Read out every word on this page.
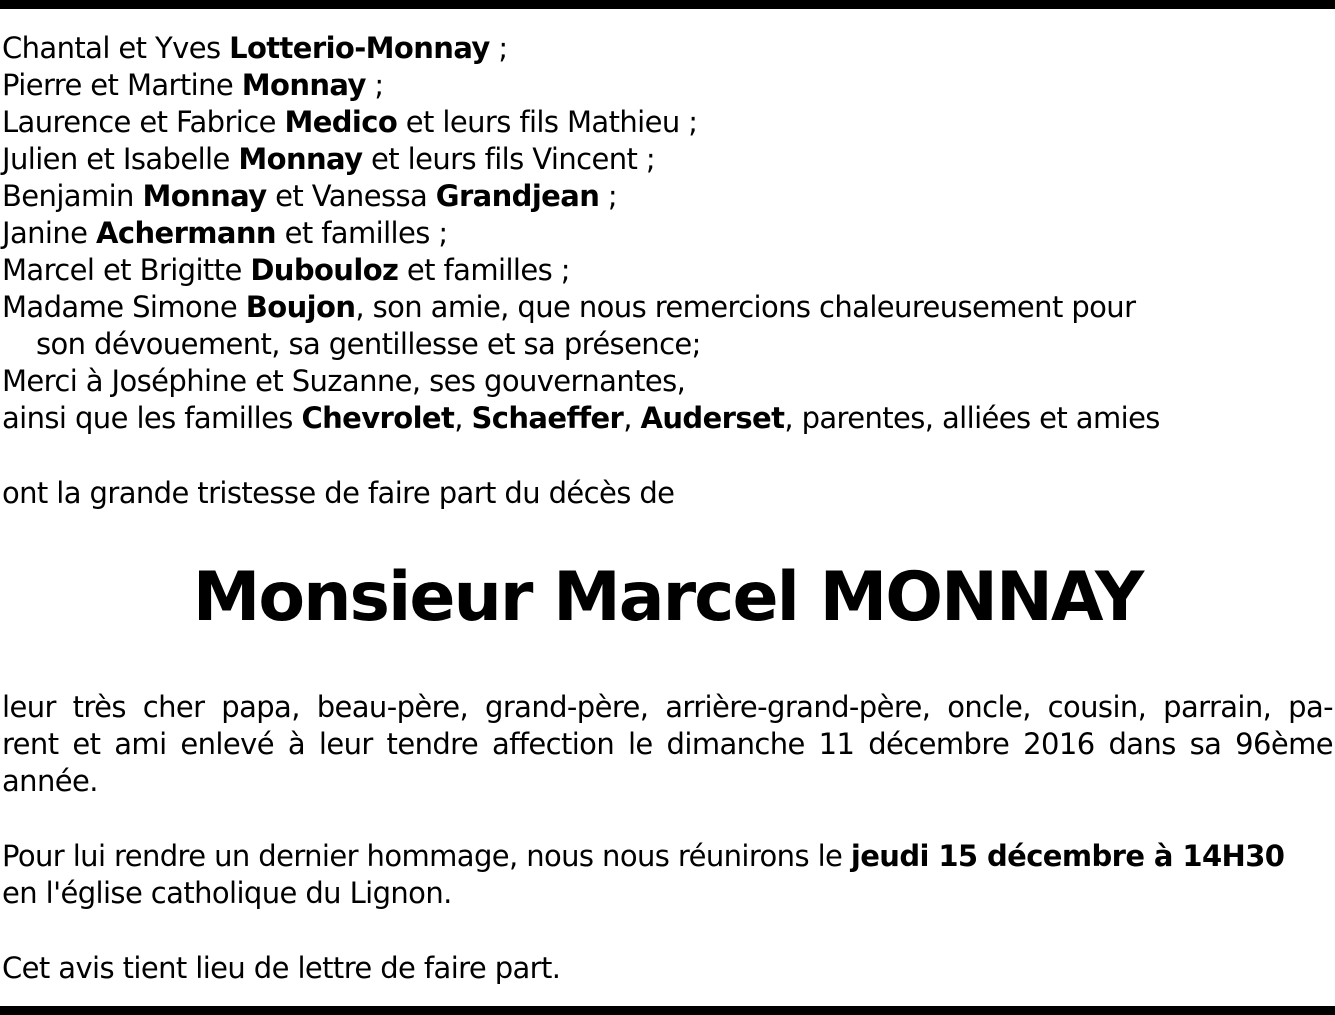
Chantal et Yves Lotterio-Monnay ;
Pierre et Martine Monnay ;
Laurence et Fabrice Medico et leurs fils Mathieu ;
Julien et Isabelle Monnay et leurs fils Vincent ;
Benjamin Monnay et Vanessa Grandjean ;
Janine Achermann et familles ;
Marcel et Brigitte Dubouloz et familles ;
Madame Simone Boujon, son amie, que nous remercions chaleureusement pour
son dévouement, sa gentillesse et sa présence;
Merci à Joséphine et Suzanne, ses gouvernantes,
ainsi que les familles Chevrolet, Schaeffer, Auderset, parentes, alliées et amies
ont la grande tristesse de faire part du décès de
Monsieur Marcel MONNAY
leur très cher papa, beau-père, grand-père, arrière-grand-père, oncle, cousin, parrain, pa-
rent et ami enlevé à leur tendre affection le dimanche 11 décembre 2016 dans sa 96ème
année.
Pour lui rendre un dernier hommage, nous nous réunirons le jeudi 15 décembre à 14H30
en l'église catholique du Lignon.
Cet avis tient lieu de lettre de faire part.
